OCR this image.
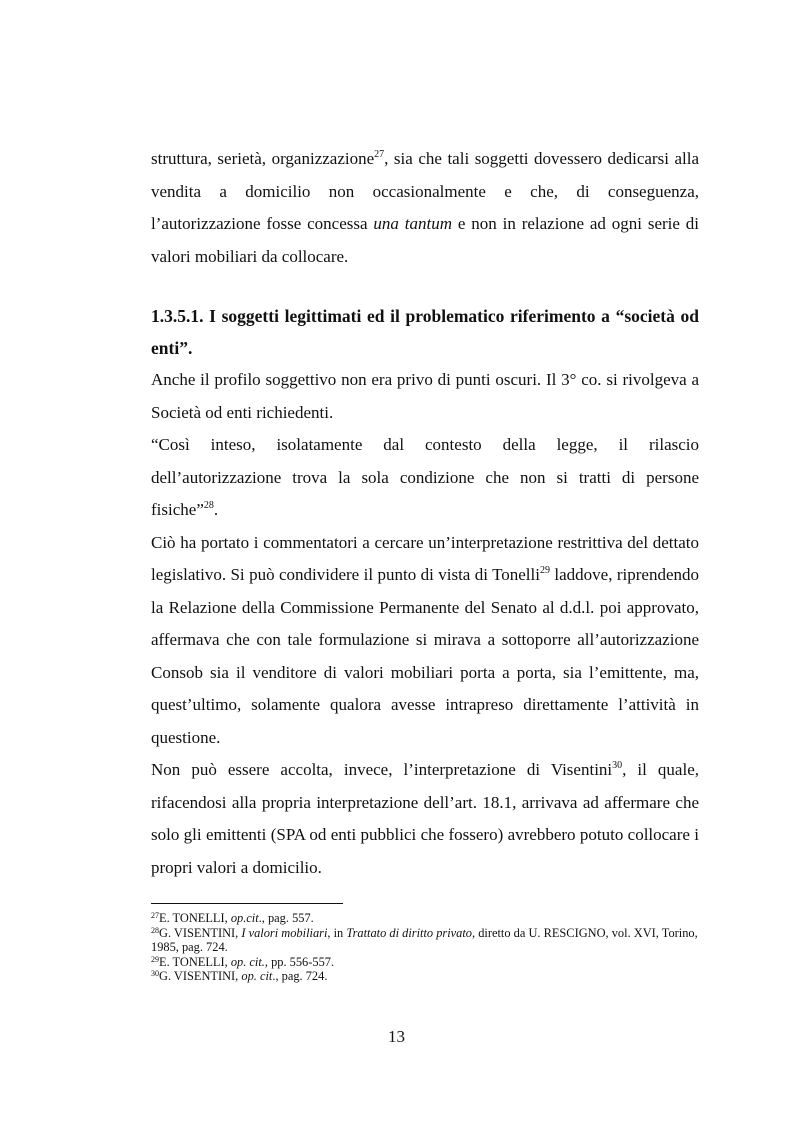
struttura, serietà, organizzazione$^{27}$, sia che tali soggetti dovessero dedicarsi alla vendita a domicilio non occasionalmente e che, di conseguenza, l’autorizzazione fosse concessa una tantum e non in relazione ad ogni serie di valori mobiliari da collocare.

1.3.5.1. I soggetti legittimati ed il problematico riferimento a “società od enti”.

Anche il profilo soggettivo non era privo di punti oscuri. Il 3° co. si rivolgeva a Società od enti richiedenti.

“Così inteso, isolatamente dal contesto della legge, il rilascio dell’autorizzazione trova la sola condizione che non si tratti di persone fisiche”$^{28}$.

Ciò ha portato i commentatori a cercare un’interpretazione restrittiva del dettato legislativo. Si può condividere il punto di vista di Tonelli$^{29}$ laddove, riprendendo la Relazione della Commissione Permanente del Senato al d.d.l. poi approvato, affermava che con tale formulazione si mirava a sottoporre all’autorizzazione Consob sia il venditore di valori mobiliari porta a porta, sia l’emittente, ma, quest’ultimo, solamente qualora avesse intrapreso direttamente l’attività in questione.

Non può essere accolta, invece, l’interpretazione di Visentini$^{30}$, il quale, rifacendosi alla propria interpretazione dell’art. 18.1, arrivava ad affermare che solo gli emittenti (SPA od enti pubblici che fossero) avrebbero potuto collocare i propri valori a domicilio.

$^{27}$E. TONELLI, op.cit., pag. 557.
$^{28}$G. VISENTINI, I valori mobiliari, in Trattato di diritto privato, diretto da U. RESCIGNO, vol. XVI, Torino, 1985, pag. 724.
$^{29}$E. TONELLI, op. cit., pp. 556-557.
$^{30}$G. VISENTINI, op. cit., pag. 724.
13
